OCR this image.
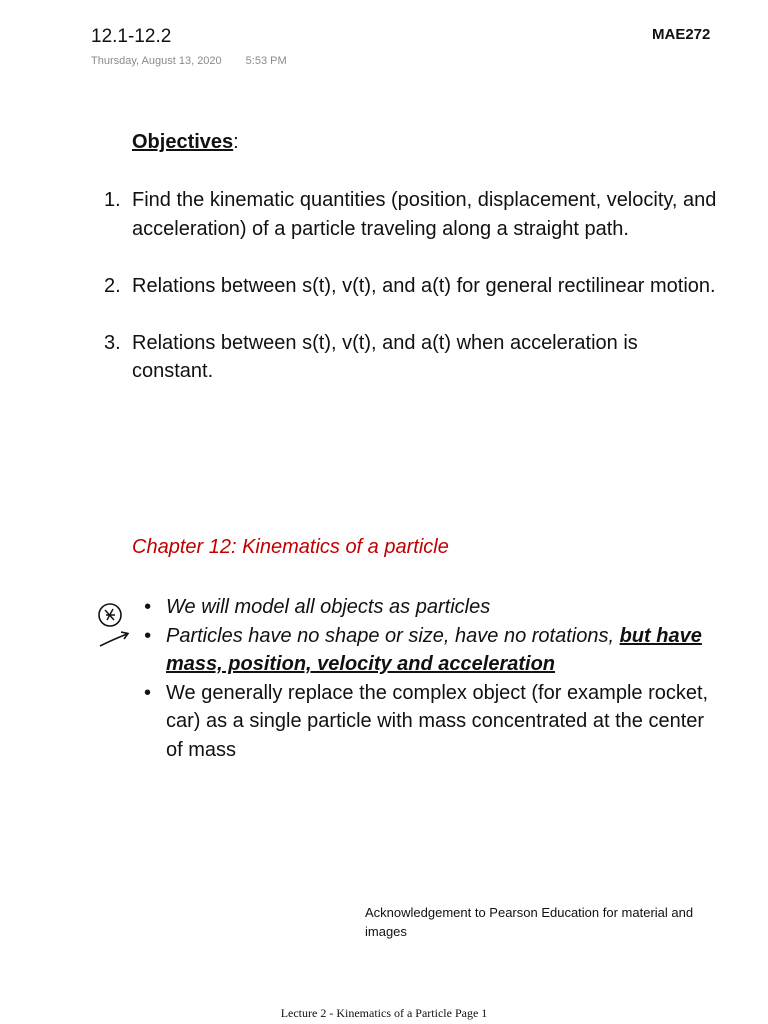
12.1-12.2	MAE272
Thursday, August 13, 2020 5:53 PM
Objectives:
1. Find the kinematic quantities (position, displacement, velocity, and acceleration) of a particle traveling along a straight path.
2. Relations between s(t), v(t), and a(t) for general rectilinear motion.
3. Relations between s(t), v(t), and a(t) when acceleration is constant.
Chapter 12: Kinematics of a particle
• We will model all objects as particles
• Particles have no shape or size, have no rotations, but have mass, position, velocity and acceleration
• We generally replace the complex object (for example rocket, car) as a single particle with mass concentrated at the center of mass
Acknowledgement to Pearson Education for material and images
Lecture 2 - Kinematics of a Particle Page 1
